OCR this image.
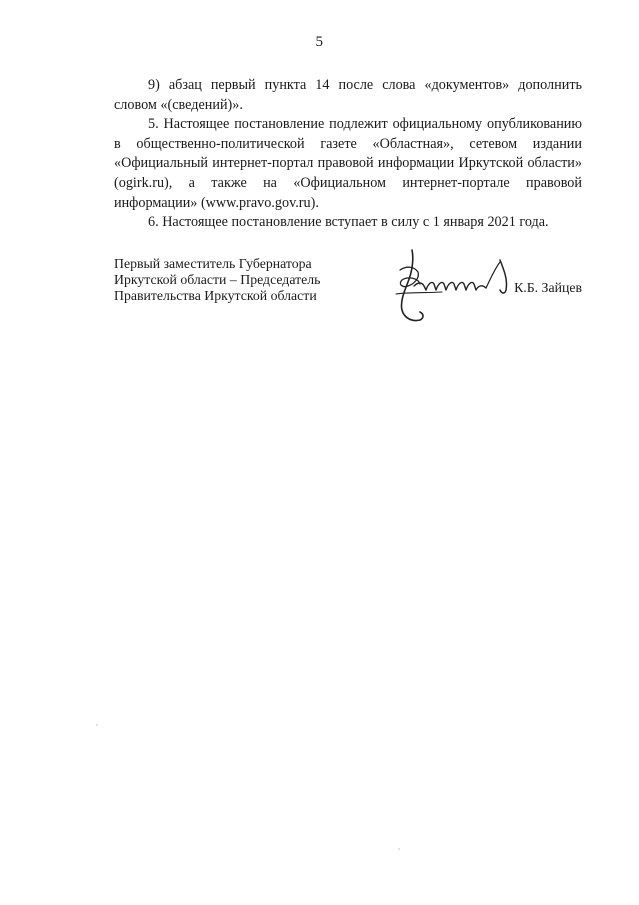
5

9) абзац первый пункта 14 после слова «документов» дополнить словом «(сведений)».

5. Настоящее постановление подлежит официальному опубликованию в общественно-политической газете «Областная», сетевом издании «Официальный интернет-портал правовой информации Иркутской области» (ogirk.ru), а также на «Официальном интернет-портале правовой информации» (www.pravo.gov.ru).

6. Настоящее постановление вступает в силу с 1 января 2021 года.

Первый заместитель Губернатора
Иркутской области – Председатель
Правительства Иркутской области
К.Б. Зайцев
